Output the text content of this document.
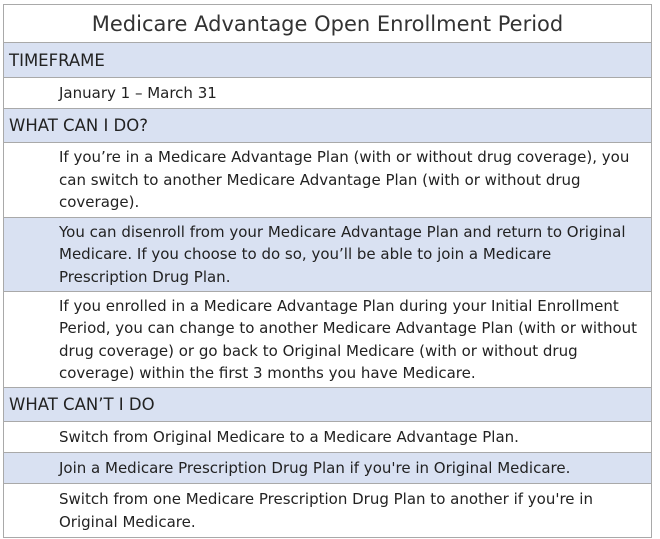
Medicare Advantage Open Enrollment Period
TIMEFRAME
January 1 – March 31
WHAT CAN I DO?
If you’re in a Medicare Advantage Plan (with or without drug coverage), you can switch to another Medicare Advantage Plan (with or without drug coverage).
You can disenroll from your Medicare Advantage Plan and return to Original Medicare. If you choose to do so, you’ll be able to join a Medicare Prescription Drug Plan.
If you enrolled in a Medicare Advantage Plan during your Initial Enrollment Period, you can change to another Medicare Advantage Plan (with or without drug coverage) or go back to Original Medicare (with or without drug coverage) within the first 3 months you have Medicare.
WHAT CAN’T I DO
Switch from Original Medicare to a Medicare Advantage Plan.
Join a Medicare Prescription Drug Plan if you're in Original Medicare.
Switch from one Medicare Prescription Drug Plan to another if you're in Original Medicare.
